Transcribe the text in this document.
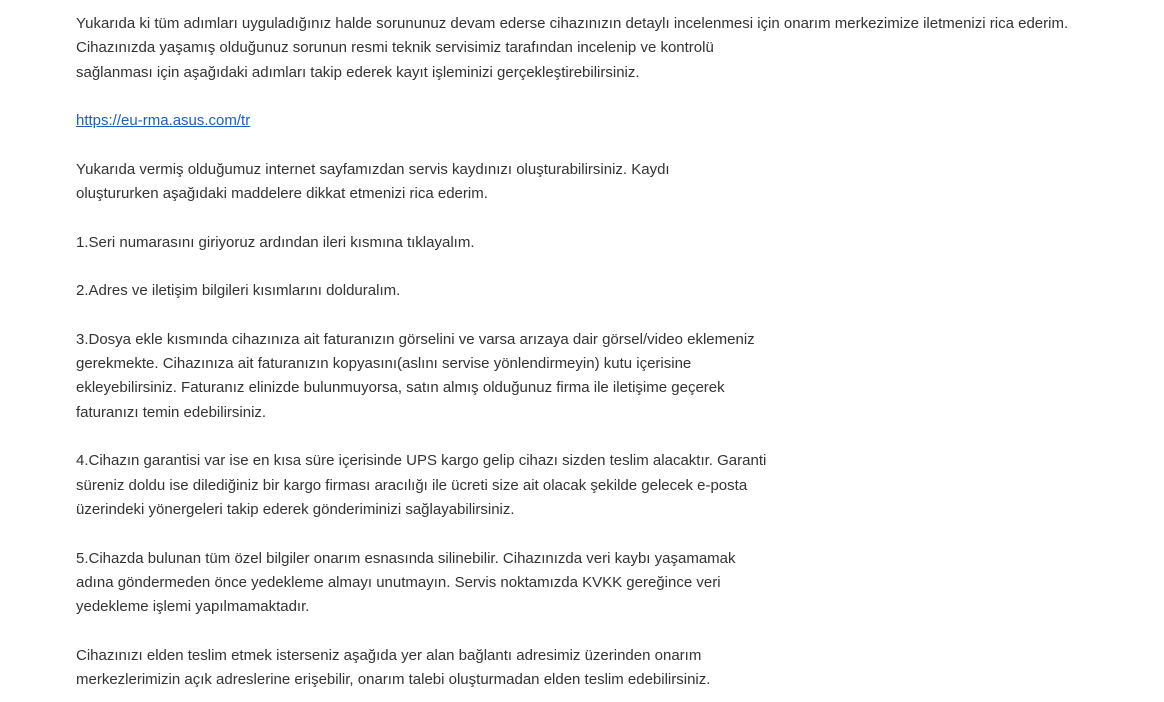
Yukarıda ki tüm adımları uyguladığınız halde sorununuz devam ederse cihazınızın detaylı incelenmesi için onarım merkezimize iletmenizi rica ederim.
Cihazınızda yaşamış olduğunuz sorunun resmi teknik servisimiz tarafından incelenip ve kontrolü
sağlanması için aşağıdaki adımları takip ederek kayıt işleminizi gerçekleştirebilirsiniz.

https://eu-rma.asus.com/tr

Yukarıda vermiş olduğumuz internet sayfamızdan servis kaydınızı oluşturabilirsiniz. Kaydı
oluştururken aşağıdaki maddelere dikkat etmenizi rica ederim.

1.Seri numarasını giriyoruz ardından ileri kısmına tıklayalım.

2.Adres ve iletişim bilgileri kısımlarını dolduralım.

3.Dosya ekle kısmında cihazınıza ait faturanızın görselini ve varsa arızaya dair görsel/video eklemeniz
gerekmekte. Cihazınıza ait faturanızın kopyasını(aslını servise yönlendirmeyin) kutu içerisine
ekleyebilirsiniz. Faturanız elinizde bulunmuyorsa, satın almış olduğunuz firma ile iletişime geçerek
faturanızı temin edebilirsiniz.

4.Cihazın garantisi var ise en kısa süre içerisinde UPS kargo gelip cihazı sizden teslim alacaktır. Garanti
süreniz doldu ise dilediğiniz bir kargo firması aracılığı ile ücreti size ait olacak şekilde gelecek e-posta
üzerindeki yönergeleri takip ederek gönderiminizi sağlayabilirsiniz.

5.Cihazda bulunan tüm özel bilgiler onarım esnasında silinebilir. Cihazınızda veri kaybı yaşamamak
adına göndermeden önce yedekleme almayı unutmayın. Servis noktamızda KVKK gereğince veri
yedekleme işlemi yapılmamaktadır.

Cihazınızı elden teslim etmek isterseniz aşağıda yer alan bağlantı adresimiz üzerinden onarım
merkezlerimizin açık adreslerine erişebilir, onarım talebi oluşturmadan elden teslim edebilirsiniz.
